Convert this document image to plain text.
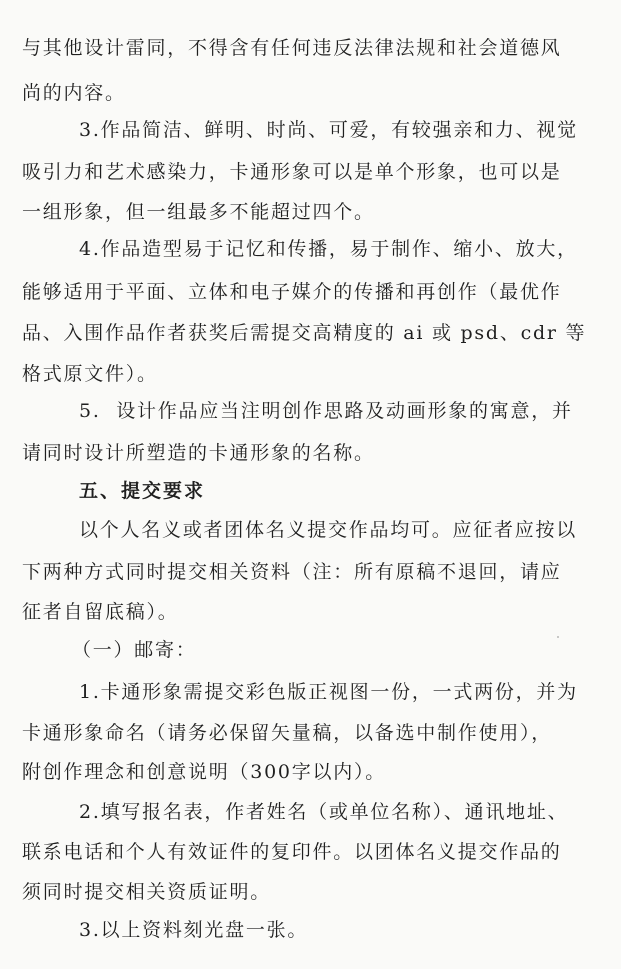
与其他设计雷同，不得含有任何违反法律法规和社会道德风
尚的内容。
3.作品简洁、鲜明、时尚、可爱，有较强亲和力、视觉
吸引力和艺术感染力，卡通形象可以是单个形象，也可以是
一组形象，但一组最多不能超过四个。
4.作品造型易于记忆和传播，易于制作、缩小、放大，
能够适用于平面、立体和电子媒介的传播和再创作（最优作
品、入围作品作者获奖后需提交高精度的 ai 或 psd、cdr 等
格式原文件）。
5.  设计作品应当注明创作思路及动画形象的寓意，并
请同时设计所塑造的卡通形象的名称。
五、提交要求
以个人名义或者团体名义提交作品均可。应征者应按以
下两种方式同时提交相关资料（注：所有原稿不退回，请应
征者自留底稿）。
（一）邮寄：
1.卡通形象需提交彩色版正视图一份，一式两份，并为
卡通形象命名（请务必保留矢量稿，以备选中制作使用），
附创作理念和创意说明（300字以内）。
2.填写报名表，作者姓名（或单位名称）、通讯地址、
联系电话和个人有效证件的复印件。以团体名义提交作品的
须同时提交相关资质证明。
3.以上资料刻光盘一张。
